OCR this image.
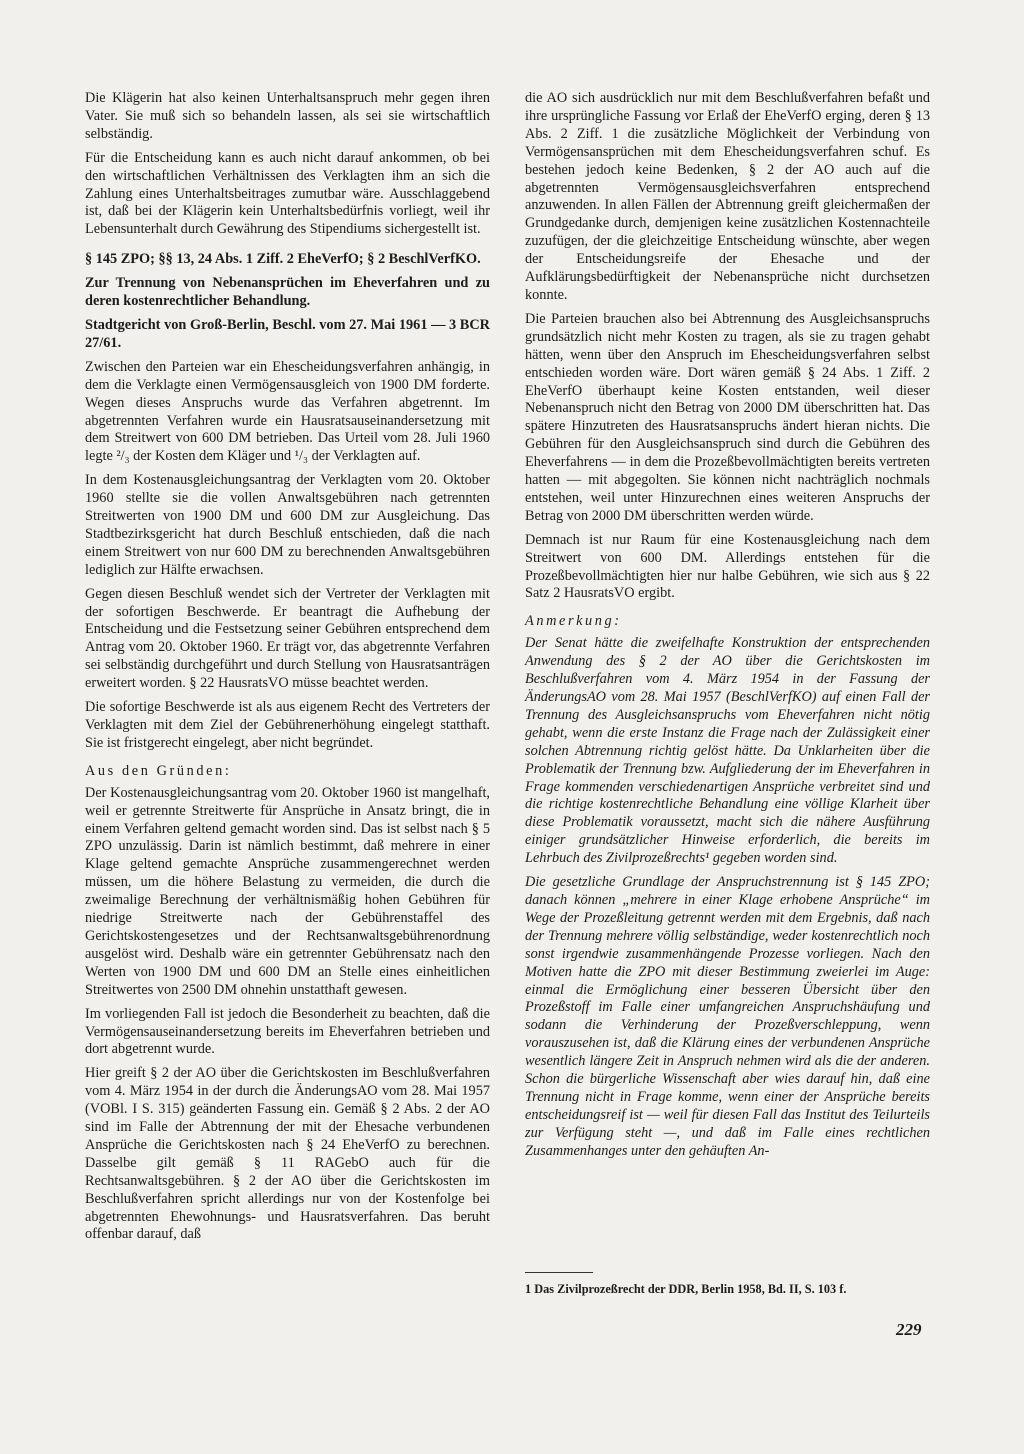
Die Klägerin hat also keinen Unterhaltsanspruch mehr gegen ihren Vater. Sie muß sich so behandeln lassen, als sei sie wirtschaftlich selbständig.

Für die Entscheidung kann es auch nicht darauf ankommen, ob bei den wirtschaftlichen Verhältnissen des Verklagten ihm an sich die Zahlung eines Unterhaltsbeitrages zumutbar wäre. Ausschlaggebend ist, daß bei der Klägerin kein Unterhaltsbedürfnis vorliegt, weil ihr Lebensunterhalt durch Gewährung des Stipendiums sichergestellt ist.

§ 145 ZPO; §§ 13, 24 Abs. 1 Ziff. 2 EheVerfO; § 2 BeschlVerfKO.

Zur Trennung von Nebenansprüchen im Eheverfahren und zu deren kostenrechtlicher Behandlung.

Stadtgericht von Groß-Berlin, Beschl. vom 27. Mai 1961 — 3 BCR 27/61.

Zwischen den Parteien war ein Ehescheidungsverfahren anhängig, in dem die Verklagte einen Vermögensausgleich von 1900 DM forderte. Wegen dieses Anspruchs wurde das Verfahren abgetrennt. Im abgetrennten Verfahren wurde ein Hausratsauseinandersetzung mit dem Streitwert von 600 DM betrieben. Das Urteil vom 28. Juli 1960 legte ²/₃ der Kosten dem Kläger und ¹/₃ der Verklagten auf.

In dem Kostenausgleichungsantrag der Verklagten vom 20. Oktober 1960 stellte sie die vollen Anwaltsgebühren nach getrennten Streitwerten von 1900 DM und 600 DM zur Ausgleichung. Das Stadtbezirksgericht hat durch Beschluß entschieden, daß die nach einem Streitwert von nur 600 DM zu berechnenden Anwaltsgebühren lediglich zur Hälfte erwachsen.

Gegen diesen Beschluß wendet sich der Vertreter der Verklagten mit der sofortigen Beschwerde. Er beantragt die Aufhebung der Entscheidung und die Festsetzung seiner Gebühren entsprechend dem Antrag vom 20. Oktober 1960. Er trägt vor, das abgetrennte Verfahren sei selbständig durchgeführt und durch Stellung von Hausratsanträgen erweitert worden. § 22 HausratsVO müsse beachtet werden.

Die sofortige Beschwerde ist als aus eigenem Recht des Vertreters der Verklagten mit dem Ziel der Gebührenerhöhung eingelegt statthaft. Sie ist fristgerecht eingelegt, aber nicht begründet.

Aus den Gründen:

Der Kostenausgleichungsantrag vom 20. Oktober 1960 ist mangelhaft, weil er getrennte Streitwerte für Ansprüche in Ansatz bringt, die in einem Verfahren geltend gemacht worden sind. Das ist selbst nach § 5 ZPO unzulässig. Darin ist nämlich bestimmt, daß mehrere in einer Klage geltend gemachte Ansprüche zusammengerechnet werden müssen, um die höhere Belastung zu vermeiden, die durch die zweimalige Berechnung der verhältnismäßig hohen Gebühren für niedrige Streitwerte nach der Gebührenstaffel des Gerichtskostengesetzes und der Rechtsanwaltsgebührenordnung ausgelöst wird. Deshalb wäre ein getrennter Gebührensatz nach den Werten von 1900 DM und 600 DM an Stelle eines einheitlichen Streitwertes von 2500 DM ohnehin unstatthaft gewesen.

Im vorliegenden Fall ist jedoch die Besonderheit zu beachten, daß die Vermögensauseinandersetzung bereits im Eheverfahren betrieben und dort abgetrennt wurde.

Hier greift § 2 der AO über die Gerichtskosten im Beschlußverfahren vom 4. März 1954 in der durch die ÄnderungsAO vom 28. Mai 1957 (VOBl. I S. 315) geänderten Fassung ein. Gemäß § 2 Abs. 2 der AO sind im Falle der Abtrennung der mit der Ehesache verbundenen Ansprüche die Gerichtskosten nach § 24 EheVerfO zu berechnen. Dasselbe gilt gemäß § 11 RAGebO auch für die Rechtsanwaltsgebühren. § 2 der AO über die Gerichtskosten im Beschlußverfahren spricht allerdings nur von der Kostenfolge bei abgetrennten Ehewohnungs- und Hausratsverfahren. Das beruht offenbar darauf, daß

die AO sich ausdrücklich nur mit dem Beschlußverfahren befaßt und ihre ursprüngliche Fassung vor Erlaß der EheVerfO erging, deren § 13 Abs. 2 Ziff. 1 die zusätzliche Möglichkeit der Verbindung von Vermögensansprüchen mit dem Ehescheidungsverfahren schuf. Es bestehen jedoch keine Bedenken, § 2 der AO auch auf die abgetrennten Vermögensausgleichsverfahren entsprechend anzuwenden. In allen Fällen der Abtrennung greift gleichermaßen der Grundgedanke durch, demjenigen keine zusätzlichen Kostennachteile zuzufügen, der die gleichzeitige Entscheidung wünschte, aber wegen der Entscheidungsreife der Ehesache und der Aufklärungsbedürftigkeit der Nebenansprüche nicht durchsetzen konnte.

Die Parteien brauchen also bei Abtrennung des Ausgleichsanspruchs grundsätzlich nicht mehr Kosten zu tragen, als sie zu tragen gehabt hätten, wenn über den Anspruch im Ehescheidungsverfahren selbst entschieden worden wäre. Dort wären gemäß § 24 Abs. 1 Ziff. 2 EheVerfO überhaupt keine Kosten entstanden, weil dieser Nebenanspruch nicht den Betrag von 2000 DM überschritten hat. Das spätere Hinzutreten des Hausratsanspruchs ändert hieran nichts. Die Gebühren für den Ausgleichsanspruch sind durch die Gebühren des Eheverfahrens — in dem die Prozeßbevollmächtigten bereits vertreten hatten — mit abgegolten. Sie können nicht nachträglich nochmals entstehen, weil unter Hinzurechnen eines weiteren Anspruchs der Betrag von 2000 DM überschritten werden würde.

Demnach ist nur Raum für eine Kostenausgleichung nach dem Streitwert von 600 DM. Allerdings entstehen für die Prozeßbevollmächtigten hier nur halbe Gebühren, wie sich aus § 22 Satz 2 HausratsVO ergibt.

Anmerkung:

Der Senat hätte die zweifelhafte Konstruktion der entsprechenden Anwendung des § 2 der AO über die Gerichtskosten im Beschlußverfahren vom 4. März 1954 in der Fassung der ÄnderungsAO vom 28. Mai 1957 (BeschlVerfKO) auf einen Fall der Trennung des Ausgleichsanspruchs vom Eheverfahren nicht nötig gehabt, wenn die erste Instanz die Frage nach der Zulässigkeit einer solchen Abtrennung richtig gelöst hätte. Da Unklarheiten über die Problematik der Trennung bzw. Aufgliederung der im Eheverfahren in Frage kommenden verschiedenartigen Ansprüche verbreitet sind und die richtige kostenrechtliche Behandlung eine völlige Klarheit über diese Problematik voraussetzt, macht sich die nähere Ausführung einiger grundsätzlicher Hinweise erforderlich, die bereits im Lehrbuch des Zivilprozeßrechts¹ gegeben worden sind.

Die gesetzliche Grundlage der Anspruchstrennung ist § 145 ZPO; danach können „mehrere in einer Klage erhobene Ansprüche“ im Wege der Prozeßleitung getrennt werden mit dem Ergebnis, daß nach der Trennung mehrere völlig selbständige, weder kostenrechtlich noch sonst irgendwie zusammenhängende Prozesse vorliegen. Nach den Motiven hatte die ZPO mit dieser Bestimmung zweierlei im Auge: einmal die Ermöglichung einer besseren Übersicht über den Prozeßstoff im Falle einer umfangreichen Anspruchshäufung und sodann die Verhinderung der Prozeßverschleppung, wenn vorauszusehen ist, daß die Klärung eines der verbundenen Ansprüche wesentlich längere Zeit in Anspruch nehmen wird als die der anderen. Schon die bürgerliche Wissenschaft aber wies darauf hin, daß eine Trennung nicht in Frage komme, wenn einer der Ansprüche bereits entscheidungsreif ist — weil für diesen Fall das Institut des Teilurteils zur Verfügung steht —, und daß im Falle eines rechtlichen Zusammenhanges unter den gehäuften An-

1 Das Zivilprozeßrecht der DDR, Berlin 1958, Bd. II, S. 103 f.

229
